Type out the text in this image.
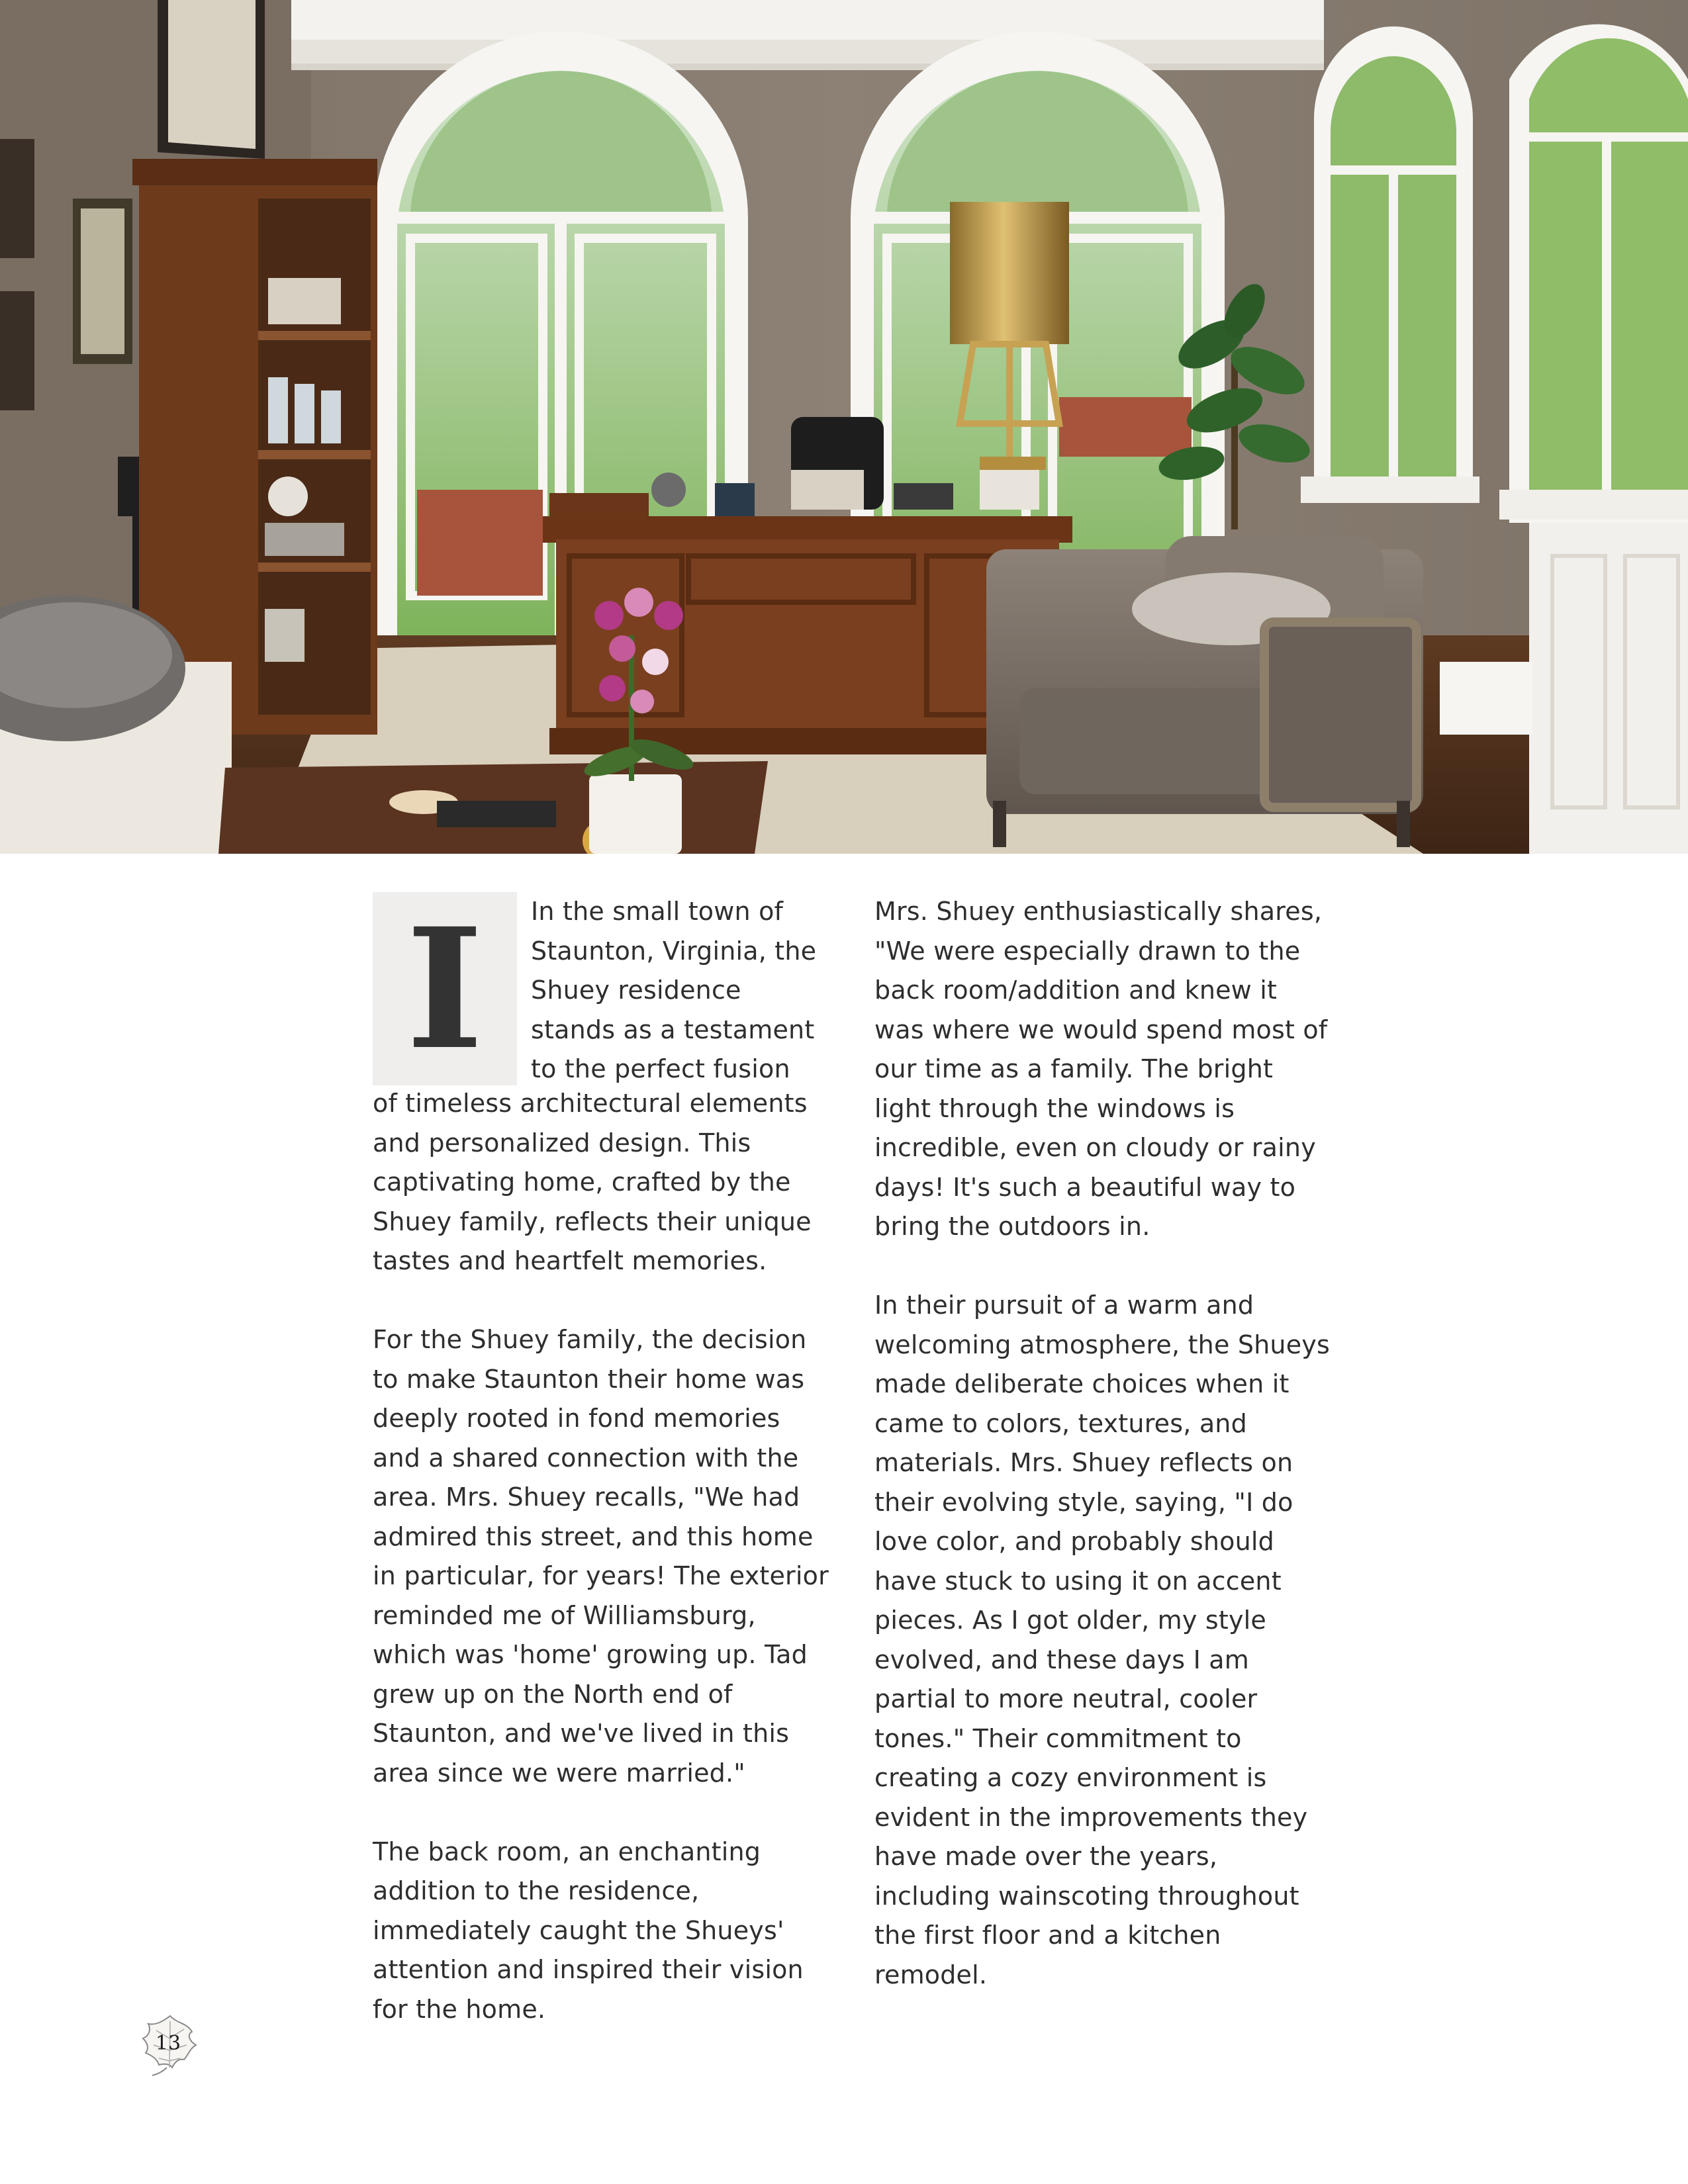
I	In the small town of Staunton, Virginia, the Shuey residence stands as a testament to the perfect fusion

of timeless architectural elements and personalized design. This captivating home, crafted by the Shuey family, reflects their unique tastes and heartfelt memories.

For the Shuey family, the decision to make Staunton their home was deeply rooted in fond memories and a shared connection with the area. Mrs. Shuey recalls, "We had admired this street, and this home in particular, for years! The exterior reminded me of Williamsburg, which was 'home' growing up. Tad grew up on the North end of Staunton, and we've lived in this area since we were married."

The back room, an enchanting addition to the residence, immediately caught the Shueys' attention and inspired their vision for the home.

Mrs. Shuey enthusiastically shares, "We were especially drawn to the back room/addition and knew it was where we would spend most of our time as a family. The bright light through the windows is incredible, even on cloudy or rainy days! It's such a beautiful way to bring the outdoors in.

In their pursuit of a warm and welcoming atmosphere, the Shueys made deliberate choices when it came to colors, textures, and materials. Mrs. Shuey reflects on their evolving style, saying, "I do love color, and probably should have stuck to using it on accent pieces. As I got older, my style evolved, and these days I am partial to more neutral, cooler tones." Their commitment to creating a cozy environment is evident in the improvements they have made over the years, including wainscoting throughout the first floor and a kitchen remodel.

13
